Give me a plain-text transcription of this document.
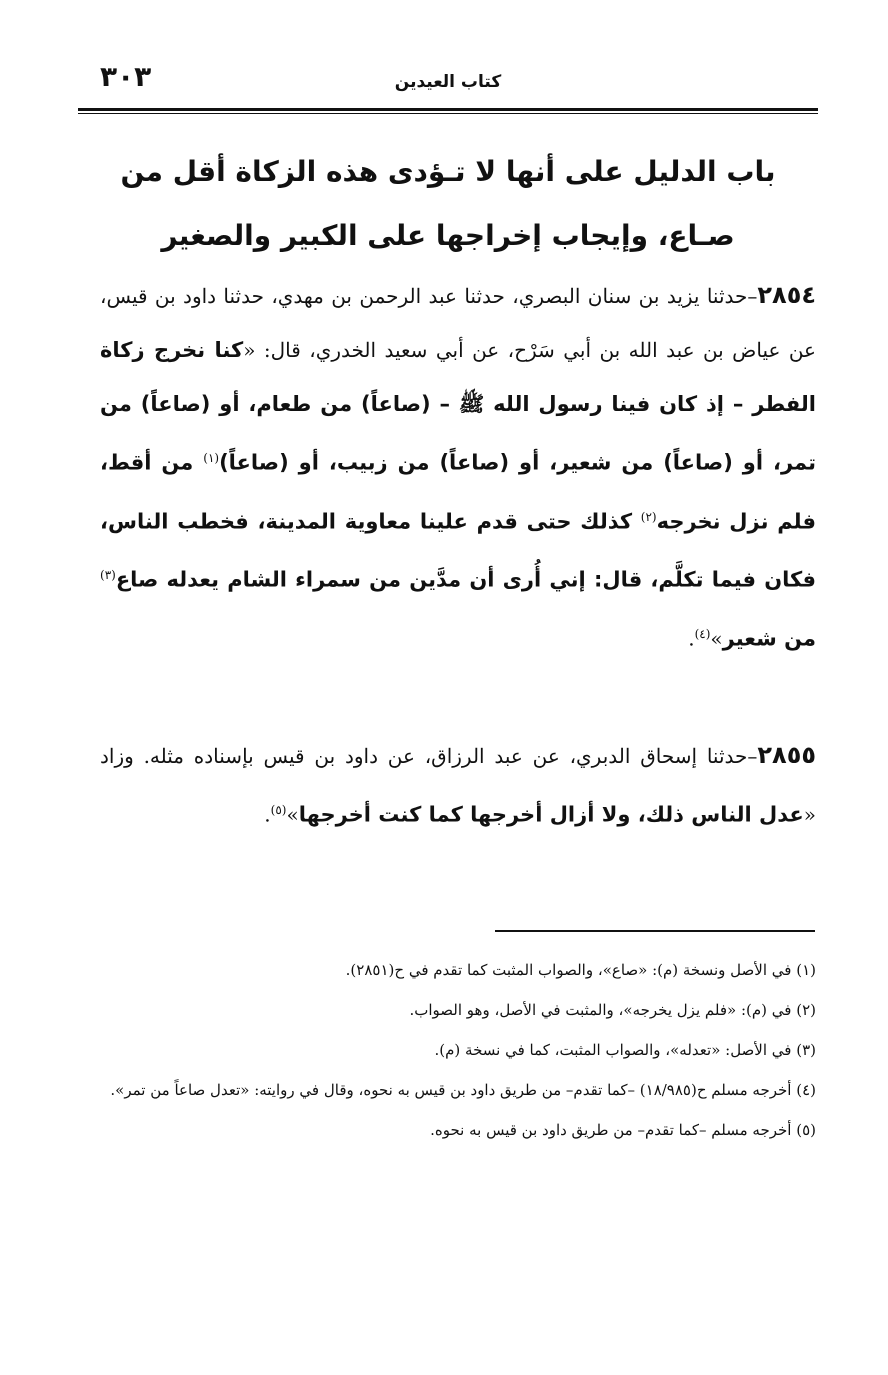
كتاب العيدين
٣٠٣
باب الدليل على أنها لا تـؤدى هذه الزكاة أقل من صـاع، وإيجاب إخراجها على الكبير والصغير

٢٨٥٤–حدثنا يزيد بن سنان البصري، حدثنا عبد الرحمن بن مهدي، حدثنا داود بن قيس، عن عياض بن عبد الله بن أبي سَرْح، عن أبي سعيد الخدري، قال: «كنا نخرج زكاة الفطر – إذ كان فينا رسول الله ﷺ – (صاعاً) من طعام، أو (صاعاً) من تمر، أو (صاعاً) من شعير، أو (صاعاً) من زبيب، أو (صاعاً)$^{(١)}$ من أقط، فلم نزل نخرجه$^{(٢)}$ كذلك حتى قدم علينا معاوية المدينة، فخطب الناس، فكان فيما تكلَّم، قال: إني أُرى أن مدَّين من سمراء الشام يعدله صاع$^{(٣)}$ من شعير»$^{(٤)}$.

٢٨٥٥–حدثنا إسحاق الدبري، عن عبد الرزاق، عن داود بن قيس بإسناده مثله. وزاد «عدل الناس ذلك، ولا أزال أخرجها كما كنت أخرجها»$^{(٥)}$.

(١) في الأصل ونسخة (م): «صاع»، والصواب المثبت كما تقدم في ح(٢٨٥١).
(٢) في (م): «فلم يزل يخرجه»، والمثبت في الأصل، وهو الصواب.
(٣) في الأصل: «تعدله»، والصواب المثبت، كما في نسخة (م).
(٤) أخرجه مسلم ح(١٨/٩٨٥) –كما تقدم– من طريق داود بن قيس به نحوه، وقال في روايته: «تعدل صاعاً من تمر».
(٥) أخرجه مسلم –كما تقدم– من طريق داود بن قيس به نحوه.
